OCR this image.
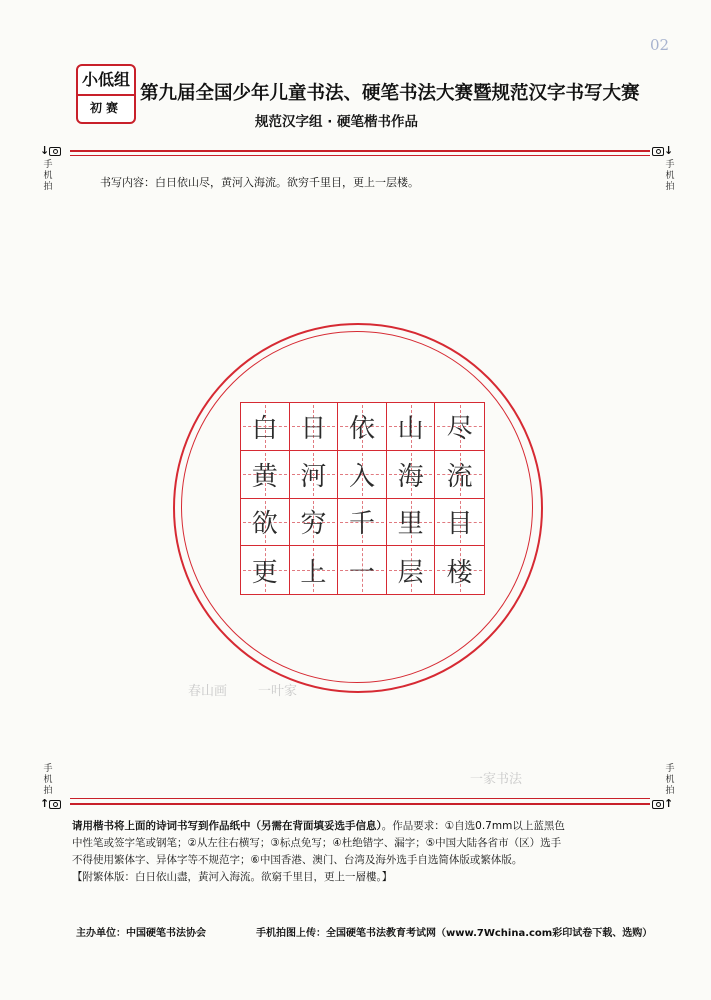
02
小低组
初赛
第九届全国少年儿童书法、硬笔书法大赛暨规范汉字书写大赛
规范汉字组 · 硬笔楷书作品
↓	↓
手机拍
手机拍
书写内容：白日依山尽，黄河入海流。欲穷千里目，更上一层楼。
白 日 依 山 尽
黄 河 入 海 流
欲 穷 千 里 目
更 上 一 层 楼
春山画 一叶家
一家书法
手机拍
手机拍
↑	↑
请用楷书将上面的诗词书写到作品纸中（另需在背面填妥选手信息）。作品要求：①自选0.7mm以上蓝黑色
中性笔或签字笔或钢笔；②从左往右横写；③标点免写；④杜绝错字、漏字；⑤中国大陆各省市（区）选手
不得使用繁体字、异体字等不规范字；⑥中国香港、澳门、台湾及海外选手自选简体版或繁体版。
【附繁体版：白日依山盡，黃河入海流。欲窮千里目，更上一層樓。】
主办单位：中国硬笔书法协会	手机拍图上传：全国硬笔书法教育考试网（www.7Wchina.com彩印试卷下载、选购）
